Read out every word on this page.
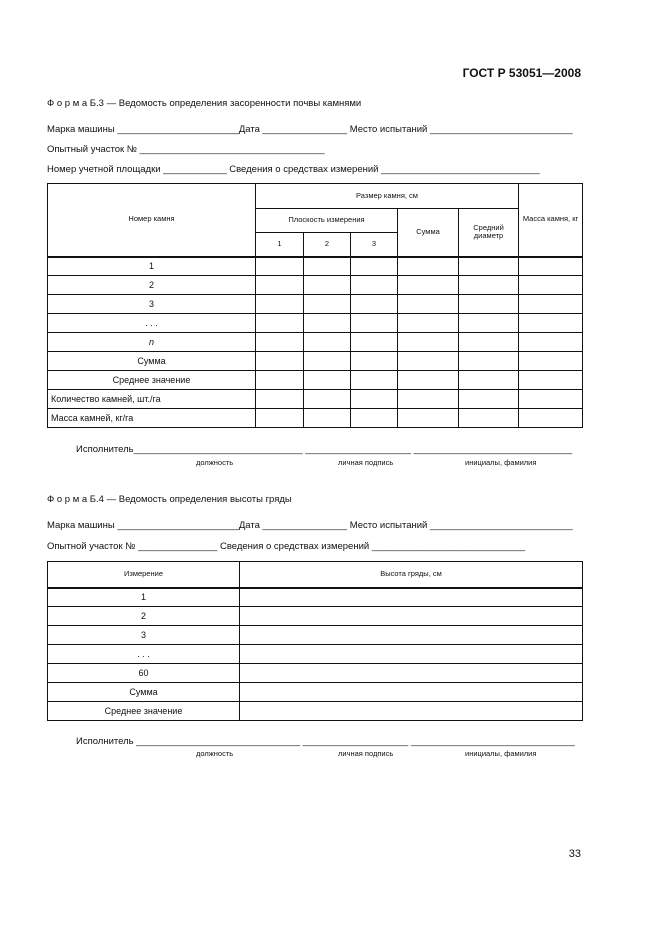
ГОСТ Р 53051—2008
Ф о р м а Б.3 — Ведомость определения засоренности почвы камнями
Марка машины _______________________Дата ________________ Место испытаний ___________________________
Опытный участок № ___________________________________
Номер учетной площадки ____________ Сведения о средствах измерений ______________________________
Номер камня	Размер камня, см					Масса камня, кг
	Плоскость измерения			Сумма	Средний диаметр	
	1	2	3			
1						
2						
3						
. . .						
n						
Сумма						
Среднее значение						
Количество камней, шт./га						
Масса камней, кг/га						
Исполнитель________________________________ ____________________ ______________________________
должность	личная подпись	инициалы, фамилия
Ф о р м а Б.4 — Ведомость определения высоты гряды
Марка машины _______________________Дата ________________ Место испытаний ___________________________
Опытной участок № _______________ Сведения о средствах измерений _____________________________
Измерение	Высота гряды, см
1	
2	
3	
. . .	
60	
Сумма	
Среднее значение	
Исполнитель _______________________________ ____________________ _______________________________
должность	личная подпись	инициалы, фамилия
33
